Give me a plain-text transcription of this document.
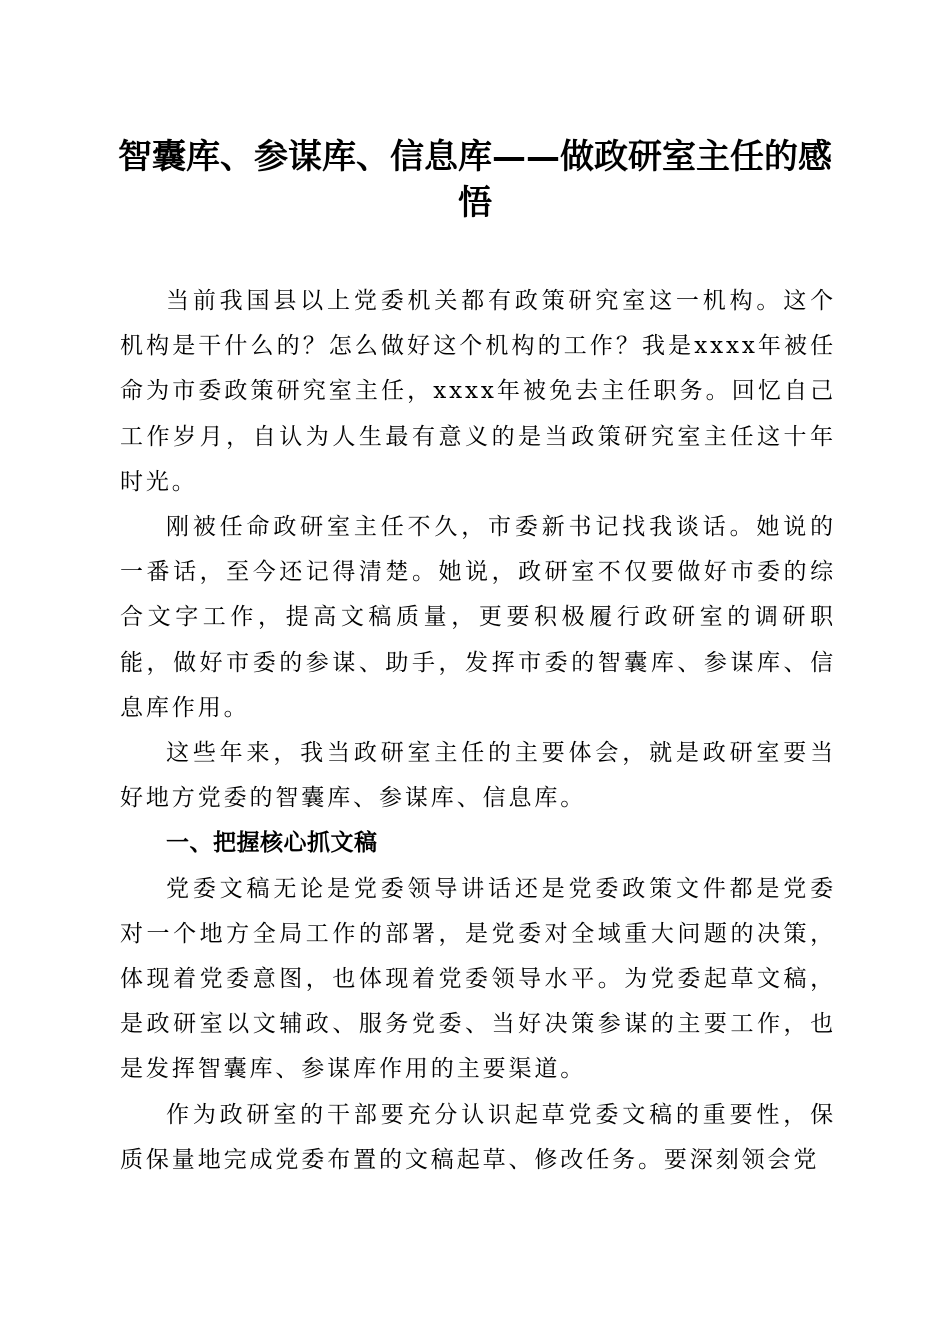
智囊库、参谋库、信息库——做政研室主任的感悟

当前我国县以上党委机关都有政策研究室这一机构。这个机构是干什么的？怎么做好这个机构的工作？我是xxxx年被任命为市委政策研究室主任，xxxx年被免去主任职务。回忆自己工作岁月，自认为人生最有意义的是当政策研究室主任这十年时光。

刚被任命政研室主任不久，市委新书记找我谈话。她说的一番话，至今还记得清楚。她说，政研室不仅要做好市委的综合文字工作，提高文稿质量，更要积极履行政研室的调研职能，做好市委的参谋、助手，发挥市委的智囊库、参谋库、信息库作用。

这些年来，我当政研室主任的主要体会，就是政研室要当好地方党委的智囊库、参谋库、信息库。

一、把握核心抓文稿

党委文稿无论是党委领导讲话还是党委政策文件都是党委对一个地方全局工作的部署，是党委对全域重大问题的决策，体现着党委意图，也体现着党委领导水平。为党委起草文稿，是政研室以文辅政、服务党委、当好决策参谋的主要工作，也是发挥智囊库、参谋库作用的主要渠道。

作为政研室的干部要充分认识起草党委文稿的重要性，保质保量地完成党委布置的文稿起草、修改任务。要深刻领会党
